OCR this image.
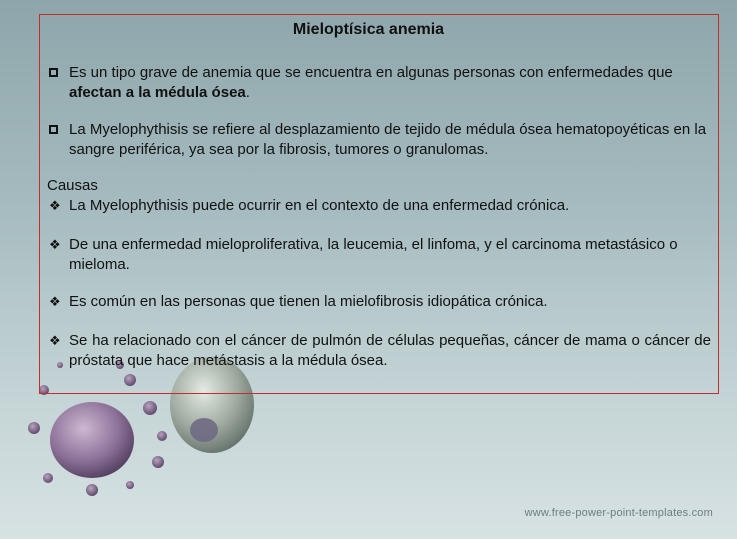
Mieloptísica anemia
Es un tipo grave de anemia que se encuentra en algunas personas con enfermedades que afectan a la médula ósea.
La Myelophythisis se refiere al desplazamiento de tejido de médula ósea hematopoyéticas en la sangre periférica, ya sea por la fibrosis, tumores o granulomas.
Causas
❖ La Myelophythisis puede ocurrir en el contexto de una enfermedad crónica.
❖ De una enfermedad mieloproliferativa, la leucemia, el linfoma, y el carcinoma metastásico o mieloma.
❖ Es común en las personas que tienen la mielofibrosis idiopática crónica.
❖ Se ha relacionado con el cáncer de pulmón de células pequeñas, cáncer de mama o cáncer de próstata que hace metástasis a la médula ósea.
www.free-power-point-templates.com
